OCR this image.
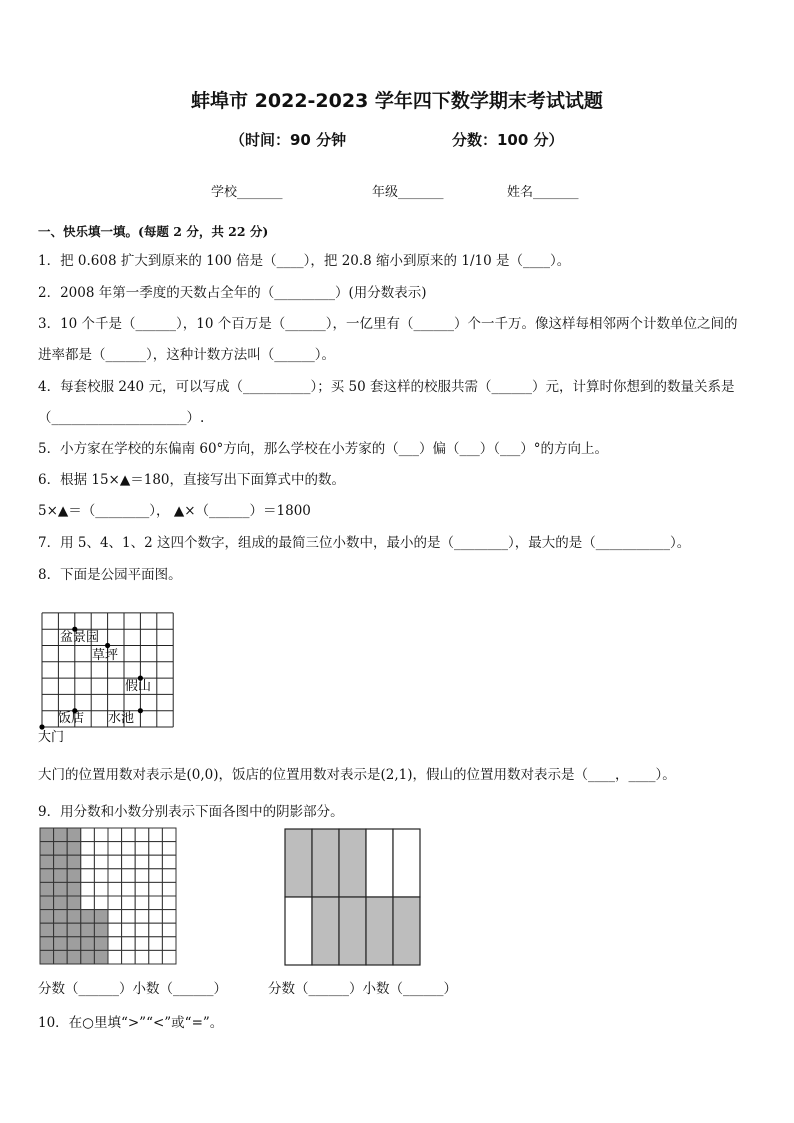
蚌埠市 2022-2023 学年四下数学期末考试试题
（时间：90 分钟	分数：100 分）
学校_______	年级_______	姓名_______
一、快乐填一填。(每题 2 分，共 22 分)
1．把 0.608 扩大到原来的 100 倍是（____），把 20.8 缩小到原来的 1/10 是（____）。
2．2008 年第一季度的天数占全年的（_________）(用分数表示)
3．10 个千是（______），10 个百万是（______），一亿里有（______）个一千万。像这样每相邻两个计数单位之间的
进率都是（______），这种计数方法叫（______）。
4．每套校服 240 元，可以写成（__________）；买 50 套这样的校服共需（______）元，计算时你想到的数量关系是
（____________________）.
5．小方家在学校的东偏南 60°方向，那么学校在小芳家的（___）偏（___）（___）°的方向上。
6．根据 15×▲＝180，直接写出下面算式中的数。
5×▲＝（________）， ▲×（______）＝1800
7．用 5、4、1、2 这四个数字，组成的最简三位小数中，最小的是（________），最大的是（___________）。
8．下面是公园平面图。
盆景园
草坪
假山
饭店 水池
大门
大门的位置用数对表示是(0,0)，饭店的位置用数对表示是(2,1)，假山的位置用数对表示是（____，____）。
9．用分数和小数分别表示下面各图中的阴影部分。
分数（______）小数（______）	分数（______）小数（______）
10．在○里填“>”“<”或“=”。
